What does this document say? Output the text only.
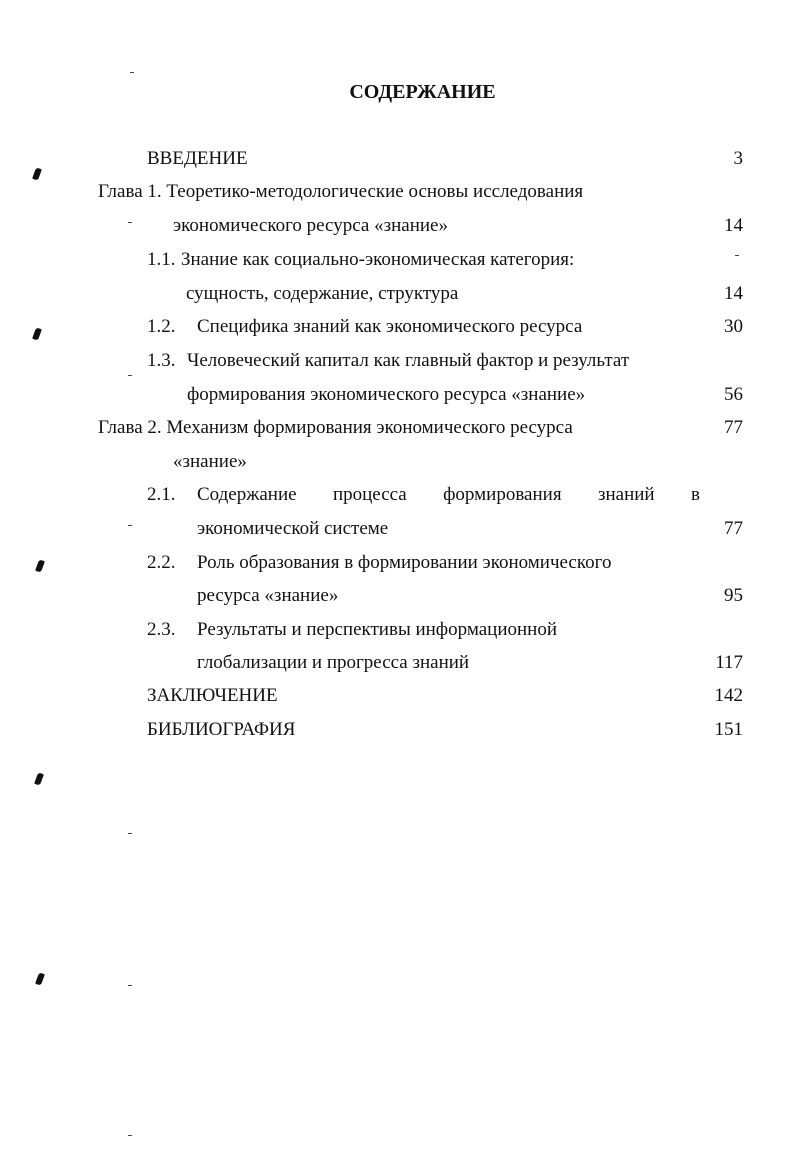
СОДЕРЖАНИЕ
ВВЕДЕНИЕ	3
Глава 1. Теоретико-методологические основы исследования
экономического ресурса «знание»	14
1.1. Знание как социально-экономическая категория:
сущность, содержание, структура	14
1.2. Специфика знаний как экономического ресурса	30
1.3. Человеческий капитал как главный фактор и результат
формирования экономического ресурса «знание»	56
Глава 2. Механизм формирования экономического ресурса	77
«знание»
2.1. Содержание процесса формирования знаний в
экономической системе	77
2.2. Роль образования в формировании экономического
ресурса «знание»	95
2.3. Результаты и перспективы информационной
глобализации и прогресса знаний	117
ЗАКЛЮЧЕНИЕ	142
БИБЛИОГРАФИЯ	151
